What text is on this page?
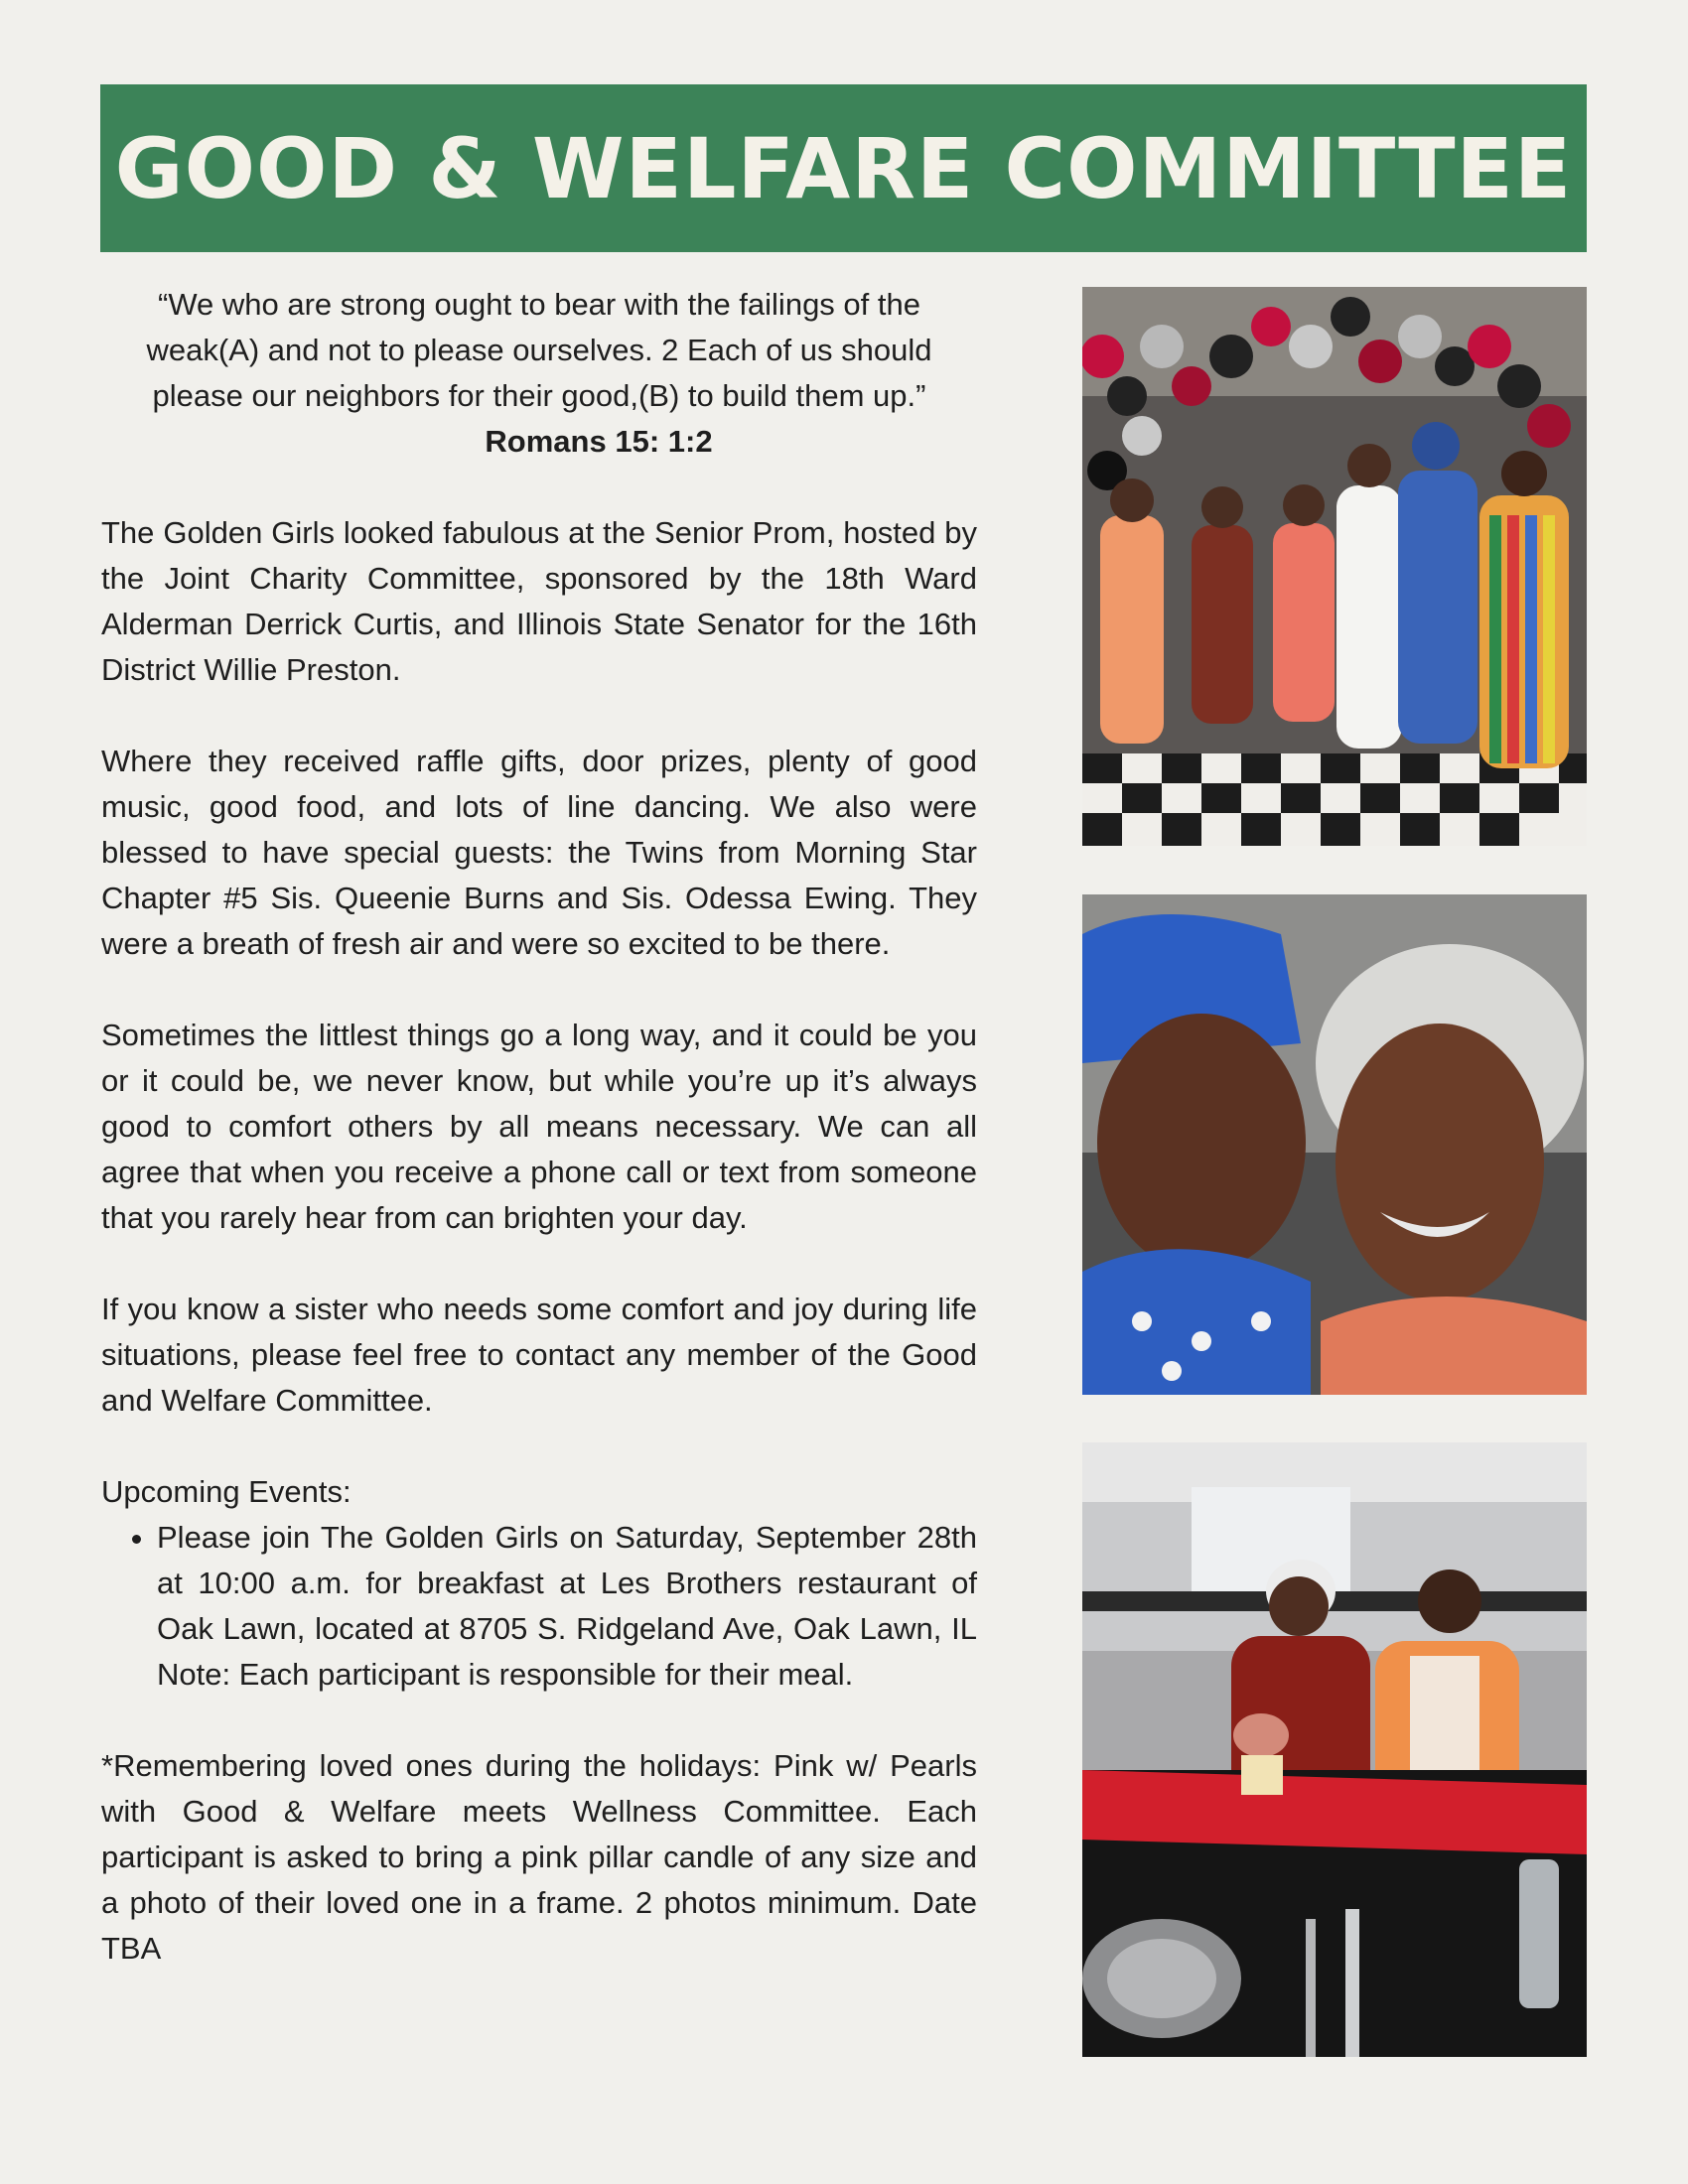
GOOD & WELFARE COMMITTEE

“We who are strong ought to bear with the failings of the weak(A) and not to please ourselves. 2 Each of us should please our neighbors for their good,(B) to build them up.”

Romans 15: 1:2

The Golden Girls looked fabulous at the Senior Prom, hosted by the Joint Charity Committee, sponsored by the 18th Ward Alderman Derrick Curtis, and Illinois State Senator for the 16th District Willie Preston.

Where they received raffle gifts, door prizes, plenty of good music, good food, and lots of line dancing. We also were blessed to have special guests: the Twins from Morning Star Chapter #5 Sis. Queenie Burns and Sis. Odessa Ewing. They were a breath of fresh air and were so excited to be there.

Sometimes the littlest things go a long way, and it could be you or it could be, we never know, but while you’re up it’s always good to comfort others by all means necessary. We can all agree that when you receive a phone call or text from someone that you rarely hear from can brighten your day.

If you know a sister who needs some comfort and joy during life situations, please feel free to contact any member of the Good and Welfare Committee.

Upcoming Events:

• Please join The Golden Girls on Saturday, September 28th at 10:00 a.m. for breakfast at Les Brothers restaurant of Oak Lawn, located at 8705 S. Ridgeland Ave, Oak Lawn, IL Note: Each participant is responsible for their meal.

*Remembering loved ones during the holidays: Pink w/ Pearls with Good & Welfare meets Wellness Committee. Each participant is asked to bring a pink pillar candle of any size and a photo of their loved one in a frame. 2 photos minimum. Date TBA
